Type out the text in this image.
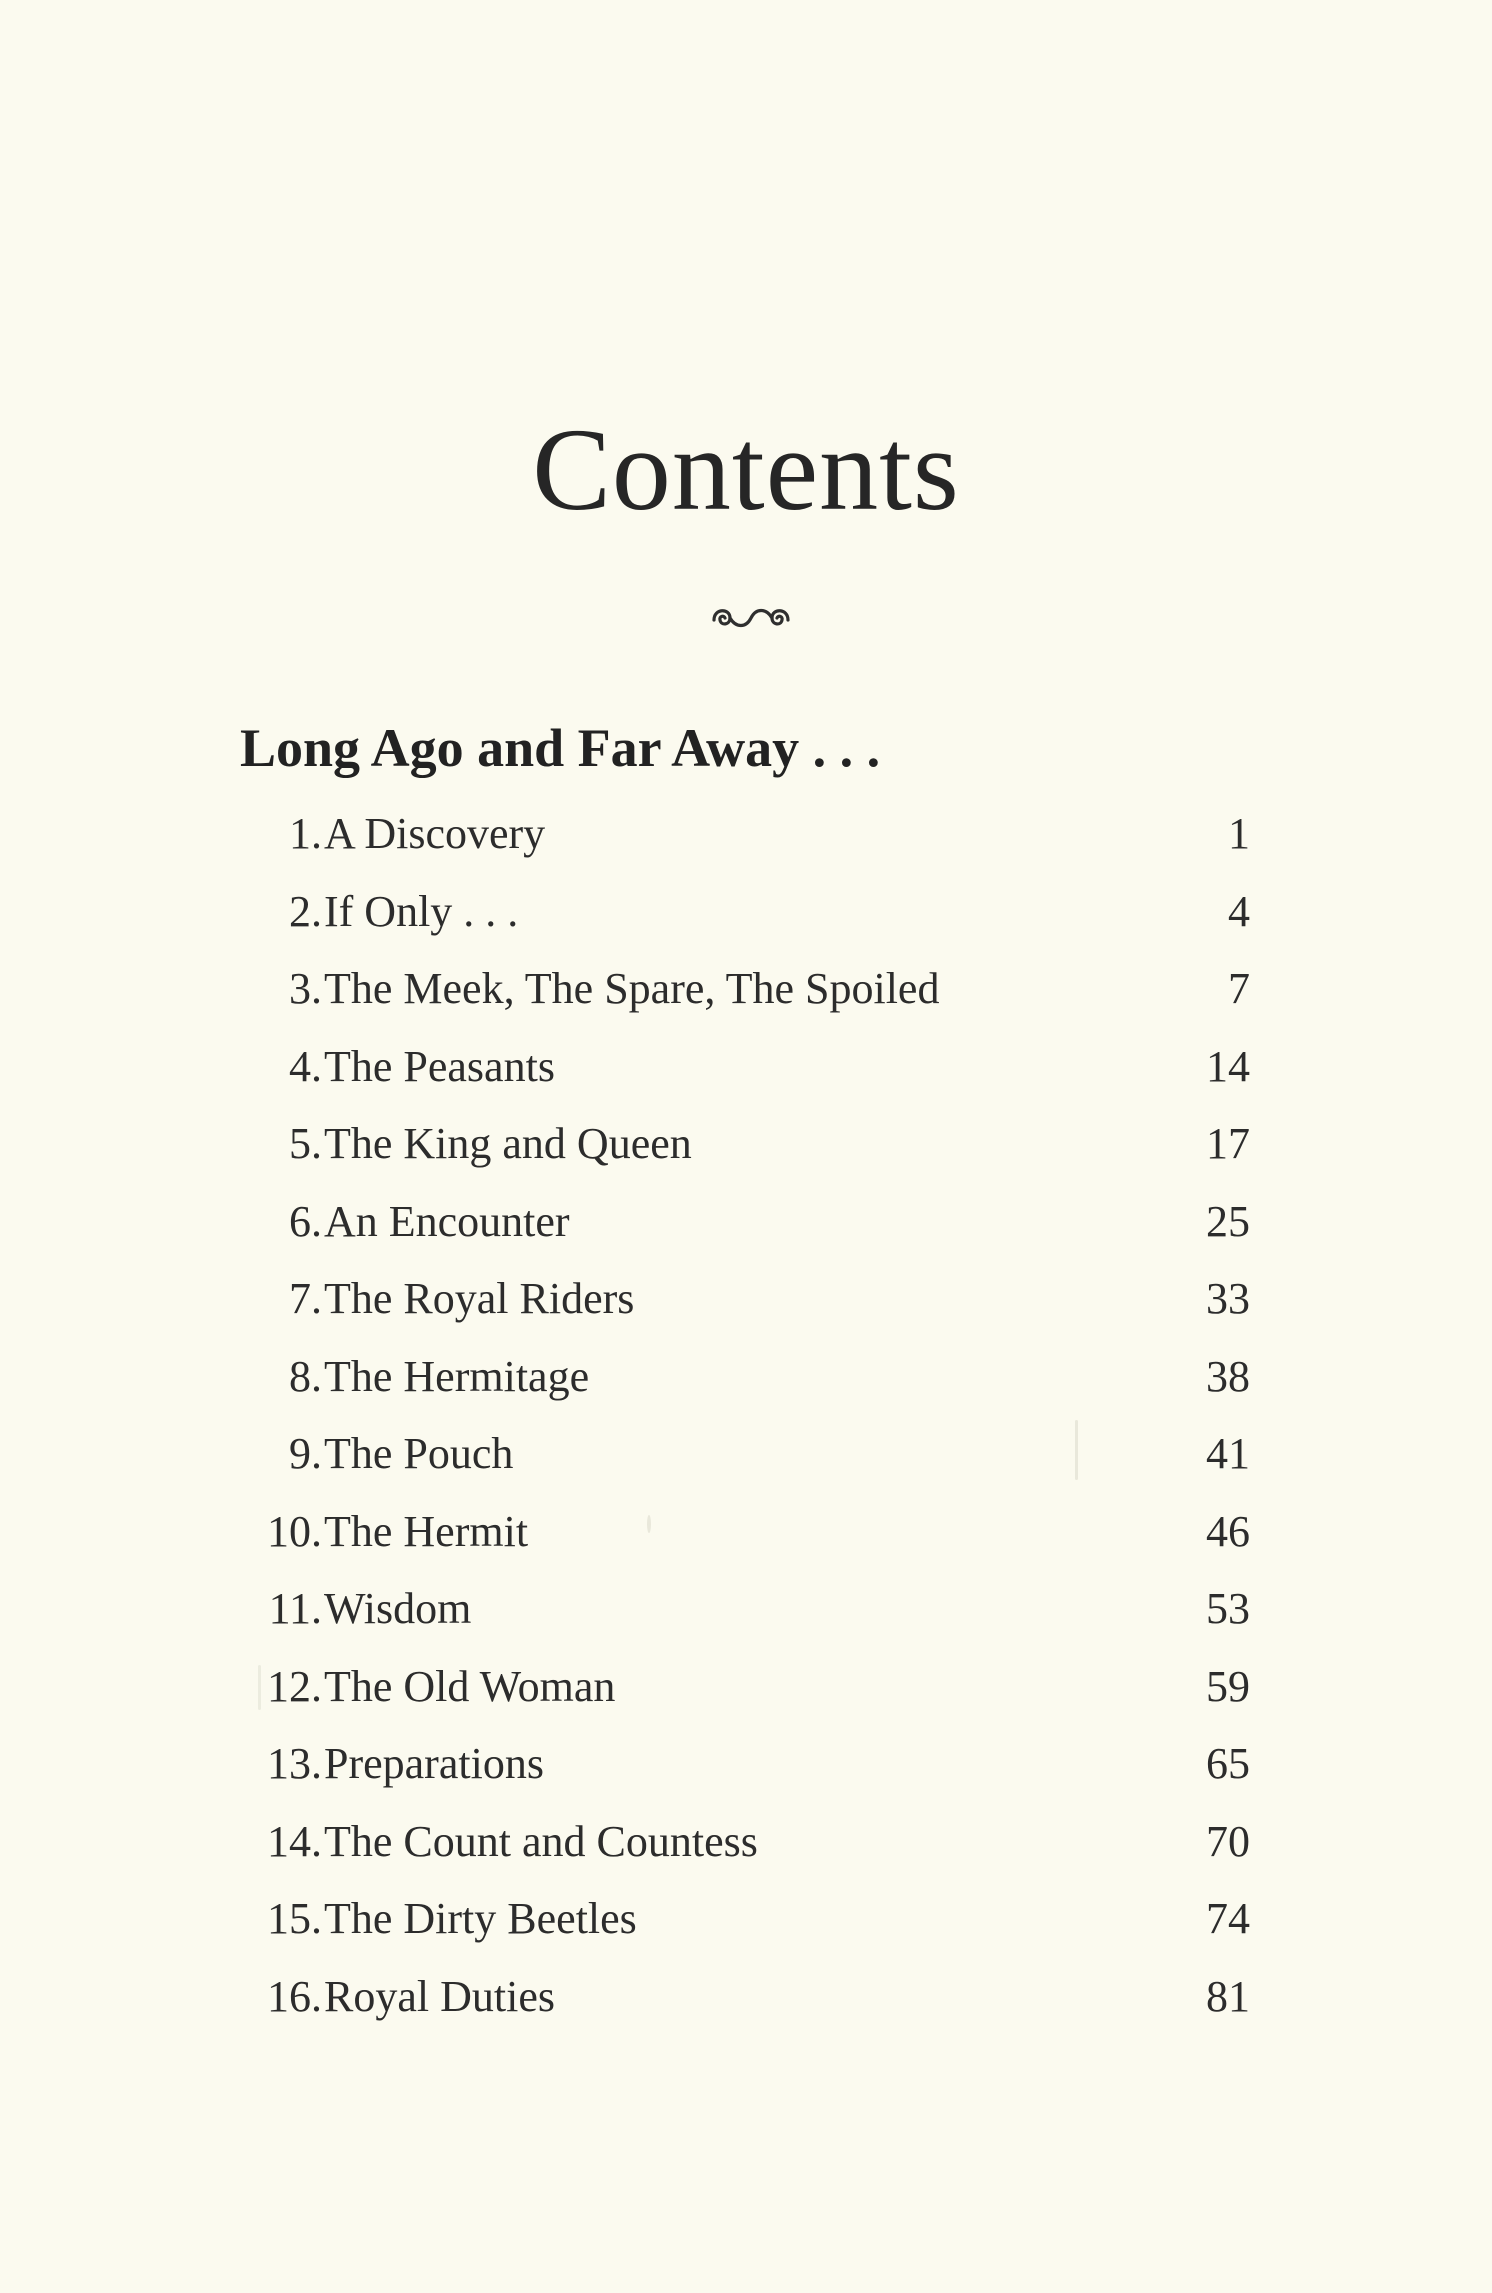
Contents
Long Ago and Far Away . . .
1. A Discovery	1
2. If Only . . .	4
3. The Meek, The Spare, The Spoiled	7
4. The Peasants	14
5. The King and Queen	17
6. An Encounter	25
7. The Royal Riders	33
8. The Hermitage	38
9. The Pouch	41
10. The Hermit	46
11. Wisdom	53
12. The Old Woman	59
13. Preparations	65
14. The Count and Countess	70
15. The Dirty Beetles	74
16. Royal Duties	81
